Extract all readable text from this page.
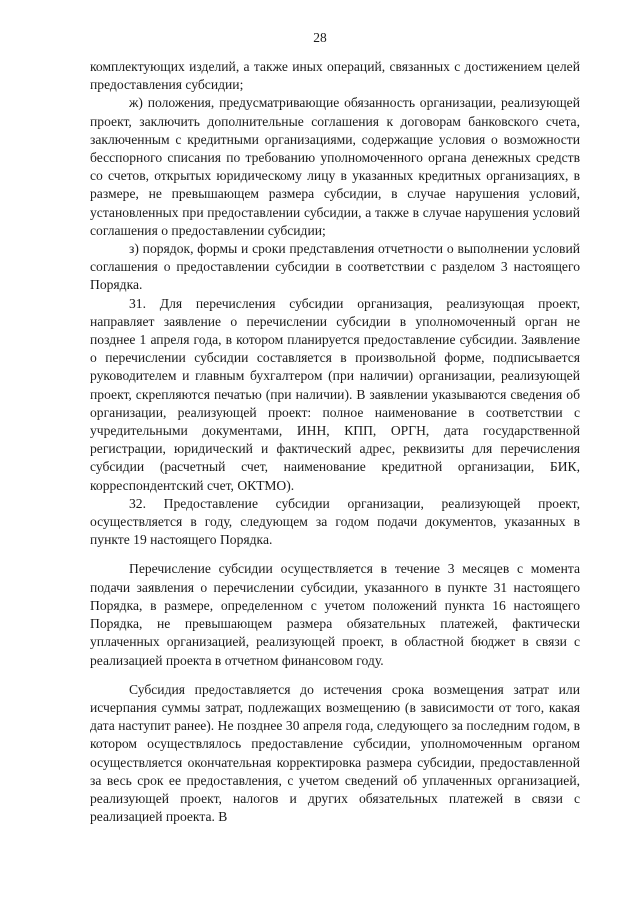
28

комплектующих изделий, а также иных операций, связанных с достижением целей предоставления субсидии;

ж) положения, предусматривающие обязанность организации, реализующей проект, заключить дополнительные соглашения к договорам банковского счета, заключенным с кредитными организациями, содержащие условия о возможности бесспорного списания по требованию уполномоченного органа денежных средств со счетов, открытых юридическому лицу в указанных кредитных организациях, в размере, не превышающем размера субсидии, в случае нарушения условий, установленных при предоставлении субсидии, а также в случае нарушения условий соглашения о предоставлении субсидии;

з) порядок, формы и сроки представления отчетности о выполнении условий соглашения о предоставлении субсидии в соответствии с разделом 3 настоящего Порядка.

31. Для перечисления субсидии организация, реализующая проект, направляет заявление о перечислении субсидии в уполномоченный орган не позднее 1 апреля года, в котором планируется предоставление субсидии. Заявление о перечислении субсидии составляется в произвольной форме, подписывается руководителем и главным бухгалтером (при наличии) организации, реализующей проект, скрепляются печатью (при наличии). В заявлении указываются сведения об организации, реализующей проект: полное наименование в соответствии с учредительными документами, ИНН, КПП, ОРГН, дата государственной регистрации, юридический и фактический адрес, реквизиты для перечисления субсидии (расчетный счет, наименование кредитной организации, БИК, корреспондентский счет, ОКТМО).

32. Предоставление субсидии организации, реализующей проект, осуществляется в году, следующем за годом подачи документов, указанных в пункте 19 настоящего Порядка.

Перечисление субсидии осуществляется в течение 3 месяцев с момента подачи заявления о перечислении субсидии, указанного в пункте 31 настоящего Порядка, в размере, определенном с учетом положений пункта 16 настоящего Порядка, не превышающем размера обязательных платежей, фактически уплаченных организацией, реализующей проект, в областной бюджет в связи с реализацией проекта в отчетном финансовом году.

Субсидия предоставляется до истечения срока возмещения затрат или исчерпания суммы затрат, подлежащих возмещению (в зависимости от того, какая дата наступит ранее). Не позднее 30 апреля года, следующего за последним годом, в котором осуществлялось предоставление субсидии, уполномоченным органом осуществляется окончательная корректировка размера субсидии, предоставленной за весь срок ее предоставления, с учетом сведений об уплаченных организацией, реализующей проект, налогов и других обязательных платежей в связи с реализацией проекта. В
